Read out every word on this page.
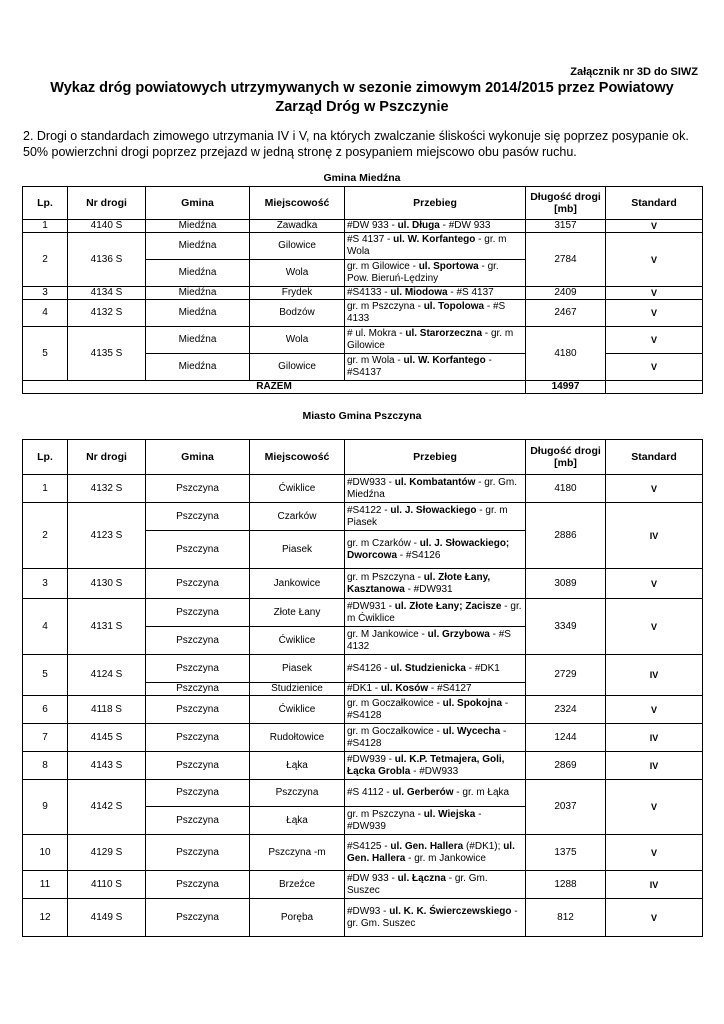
Załącznik nr 3D do SIWZ
Wykaz dróg powiatowych utrzymywanych w sezonie zimowym 2014/2015 przez Powiatowy
Zarząd Dróg w Pszczynie
2. Drogi o standardach zimowego utrzymania IV i V, na których zwalczanie śliskości wykonuje się poprzez posypanie ok. 50% powierzchni drogi poprzez przejazd w jedną stronę z posypaniem miejscowo obu pasów ruchu.
Gmina Miedźna
Lp.	Nr drogi	Gmina	Miejscowość	Przebieg	Długość drogi [mb]	Standard
1	4140 S	Miedźna	Zawadka	#DW 933 - ul. Długa - #DW 933	3157	V
2	4136 S	Miedźna	Gilowice	#S 4137 - ul. W. Korfantego - gr. m Wola	2784	V
		Miedźna	Wola	gr. m Gilowice - ul. Sportowa - gr. Pow. Bieruń-Lędziny		
3	4134 S	Miedźna	Frydek	#S4133 - ul. Miodowa - #S 4137	2409	V
4	4132 S	Miedźna	Bodzów	gr. m Pszczyna - ul. Topolowa - #S 4133	2467	V
5	4135 S	Miedźna	Wola	# ul. Mokra - ul. Starorzeczna - gr. m Gilowice	4180	V
		Miedźna	Gilowice	gr. m Wola - ul. W. Korfantego - #S4137		V
RAZEM					14997	
Miasto Gmina Pszczyna
Lp.	Nr drogi	Gmina	Miejscowość	Przebieg	Długość drogi [mb]	Standard
1	4132 S	Pszczyna	Ćwiklice	#DW933 - ul. Kombatantów - gr. Gm. Miedźna	4180	V
2	4123 S	Pszczyna	Czarków	#S4122 - ul. J. Słowackiego - gr. m Piasek	2886	IV
		Pszczyna	Piasek	gr. m Czarków - ul. J. Słowackiego; Dworcowa - #S4126		
3	4130 S	Pszczyna	Jankowice	gr. m Pszczyna - ul. Złote Łany, Kasztanowa - #DW931	3089	V
4	4131 S	Pszczyna	Złote Łany	#DW931 - ul. Złote Łany; Zacisze - gr. m Ćwiklice	3349	V
		Pszczyna	Ćwiklice	gr. M Jankowice - ul. Grzybowa - #S 4132		
5	4124 S	Pszczyna	Piasek	#S4126 - ul. Studzienicka - #DK1	2729	IV
		Pszczyna	Studzienice	#DK1 - ul. Kosów - #S4127		
6	4118 S	Pszczyna	Ćwiklice	gr. m Goczałkowice - ul. Spokojna - #S4128	2324	V
7	4145 S	Pszczyna	Rudołtowice	gr. m Goczałkowice - ul. Wycecha - #S4128	1244	IV
8	4143 S	Pszczyna	Łąka	#DW939 - ul. K.P. Tetmajera, Goli, Łącka Grobla - #DW933	2869	IV
9	4142 S	Pszczyna	Pszczyna	#S 4112 - ul. Gerberów - gr. m Łąka	2037	V
		Pszczyna	Łąka	gr. m Pszczyna - ul. Wiejska - #DW939		
10	4129 S	Pszczyna	Pszczyna -m	#S4125 - ul. Gen. Hallera (#DK1); ul. Gen. Hallera - gr. m Jankowice	1375	V
11	4110 S	Pszczyna	Brzeźce	#DW 933 - ul. Łączna - gr. Gm. Suszec	1288	IV
12	4149 S	Pszczyna	Poręba	#DW93 - ul. K. K. Świerczewskiego - gr. Gm. Suszec	812	V
